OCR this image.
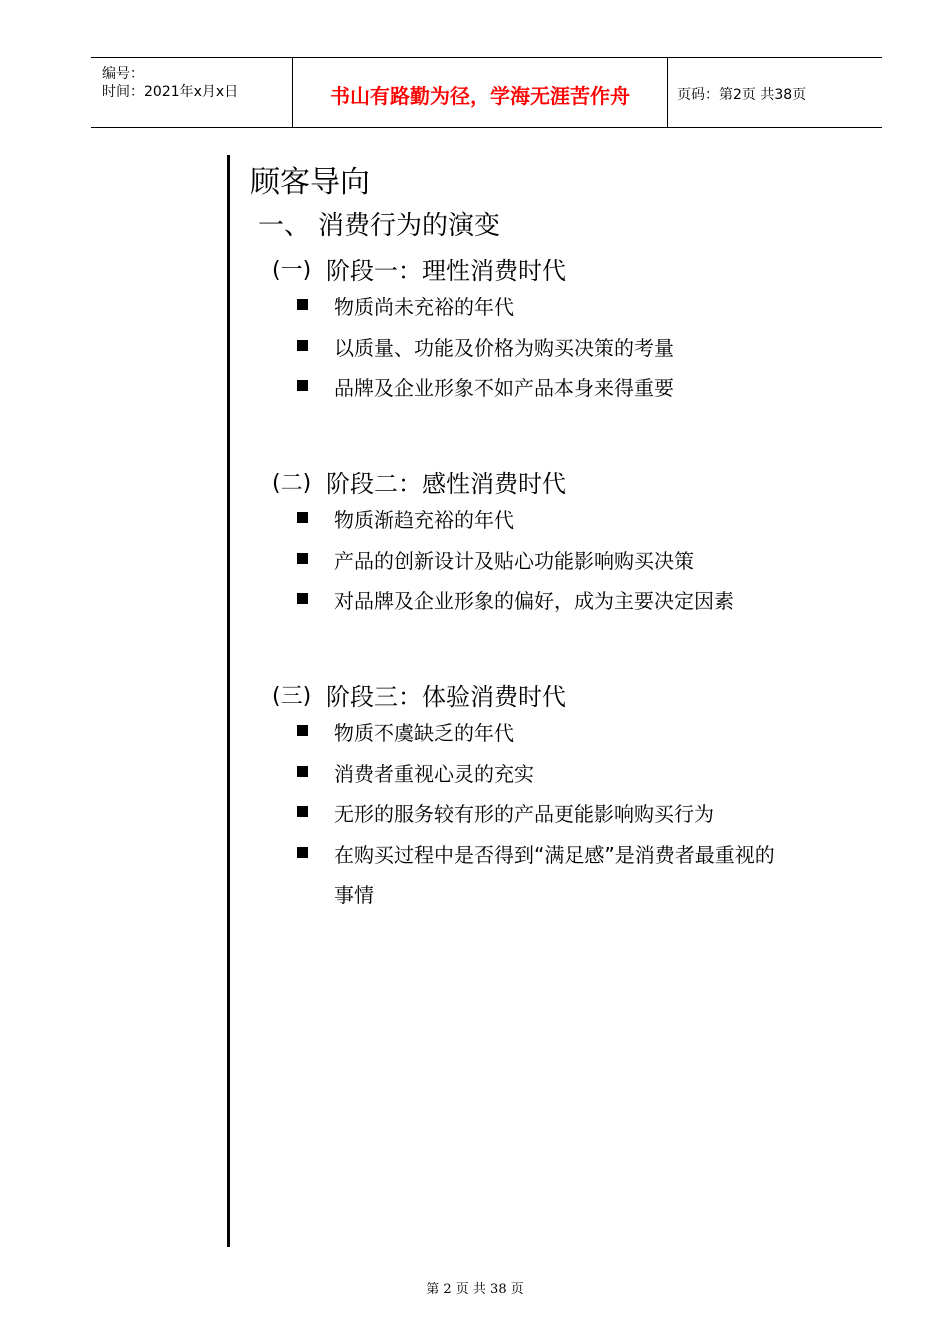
编号：
时间：2021年x月x日	书山有路勤为径，学海无涯苦作舟	页码：第2页 共38页
顾客导向
一、 消费行为的演变
(一) 阶段一：理性消费时代
物质尚未充裕的年代
以质量、功能及价格为购买决策的考量
品牌及企业形象不如产品本身来得重要
(二) 阶段二：感性消费时代
物质渐趋充裕的年代
产品的创新设计及贴心功能影响购买决策
对品牌及企业形象的偏好，成为主要决定因素
(三) 阶段三：体验消费时代
物质不虞缺乏的年代
消费者重视心灵的充实
无形的服务较有形的产品更能影响购买行为
在购买过程中是否得到“满足感”是消费者最重视的
事情
第 2 页 共 38 页
